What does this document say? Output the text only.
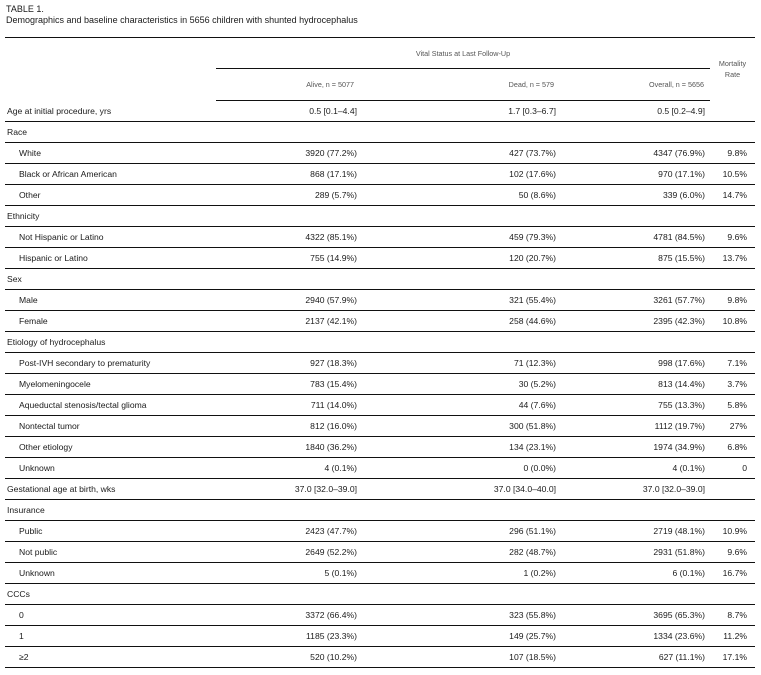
TABLE 1.
Demographics and baseline characteristics in 5656 children with shunted hydrocephalus
	Vital Status at Last Follow-Up			Mortality
Rate
	Alive, n = 5077	Dead, n = 579	Overall, n = 5656	
Age at initial procedure, yrs	0.5 [0.1–4.4]	1.7 [0.3–6.7]	0.5 [0.2–4.9]	
Race				
White	3920 (77.2%)	427 (73.7%)	4347 (76.9%)	9.8%
Black or African American	868 (17.1%)	102 (17.6%)	970 (17.1%)	10.5%
Other	289 (5.7%)	50 (8.6%)	339 (6.0%)	14.7%
Ethnicity				
Not Hispanic or Latino	4322 (85.1%)	459 (79.3%)	4781 (84.5%)	9.6%
Hispanic or Latino	755 (14.9%)	120 (20.7%)	875 (15.5%)	13.7%
Sex				
Male	2940 (57.9%)	321 (55.4%)	3261 (57.7%)	9.8%
Female	2137 (42.1%)	258 (44.6%)	2395 (42.3%)	10.8%
Etiology of hydrocephalus				
Post-IVH secondary to prematurity	927 (18.3%)	71 (12.3%)	998 (17.6%)	7.1%
Myelomeningocele	783 (15.4%)	30 (5.2%)	813 (14.4%)	3.7%
Aqueductal stenosis/tectal glioma	711 (14.0%)	44 (7.6%)	755 (13.3%)	5.8%
Nontectal tumor	812 (16.0%)	300 (51.8%)	1112 (19.7%)	27%
Other etiology	1840 (36.2%)	134 (23.1%)	1974 (34.9%)	6.8%
Unknown	4 (0.1%)	0 (0.0%)	4 (0.1%)	0
Gestational age at birth, wks	37.0 [32.0–39.0]	37.0 [34.0–40.0]	37.0 [32.0–39.0]	
Insurance				
Public	2423 (47.7%)	296 (51.1%)	2719 (48.1%)	10.9%
Not public	2649 (52.2%)	282 (48.7%)	2931 (51.8%)	9.6%
Unknown	5 (0.1%)	1 (0.2%)	6 (0.1%)	16.7%
CCCs				
0	3372 (66.4%)	323 (55.8%)	3695 (65.3%)	8.7%
1	1185 (23.3%)	149 (25.7%)	1334 (23.6%)	11.2%
≥2	520 (10.2%)	107 (18.5%)	627 (11.1%)	17.1%
